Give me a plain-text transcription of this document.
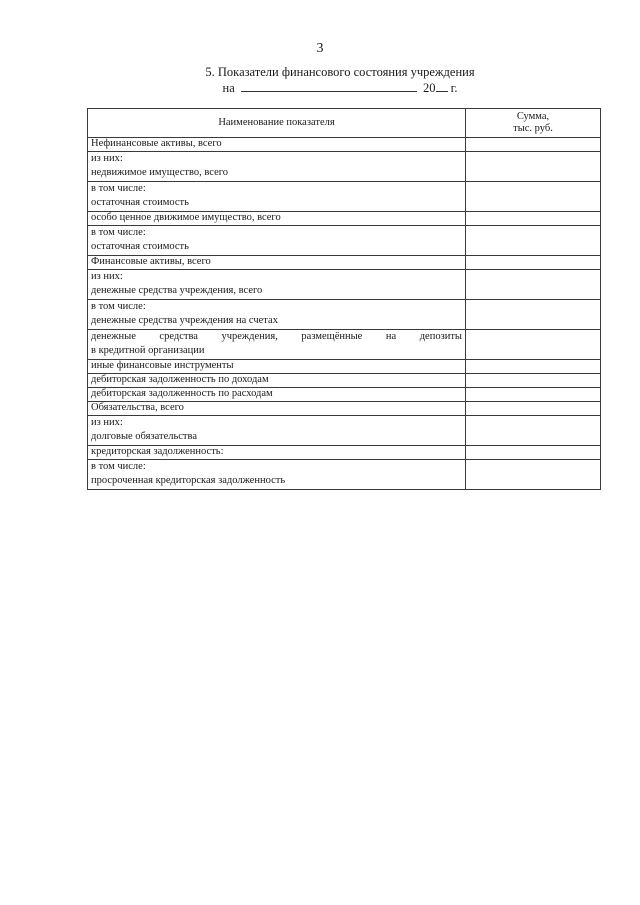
3
5. Показатели финансового состояния учреждения
на	20 г.
Наименование показателя	Сумма,
тыс. руб.

Нефинансовые активы, всего	

из них:
недвижимое имущество, всего	

в том числе:
остаточная стоимость	

особо ценное движимое имущество, всего	

в том числе:
остаточная стоимость	

Финансовые активы, всего	

из них:
денежные средства учреждения, всего	

в том числе:
денежные средства учреждения на счетах	

денежные средства учреждения, размещённые на депозиты
в кредитной организации	

иные финансовые инструменты	

дебиторская задолженность по доходам	

дебиторская задолженность по расходам	

Обязательства, всего	

из них:
долговые обязательства	

кредиторская задолженность:	

в том числе:
просроченная кредиторская задолженность	
